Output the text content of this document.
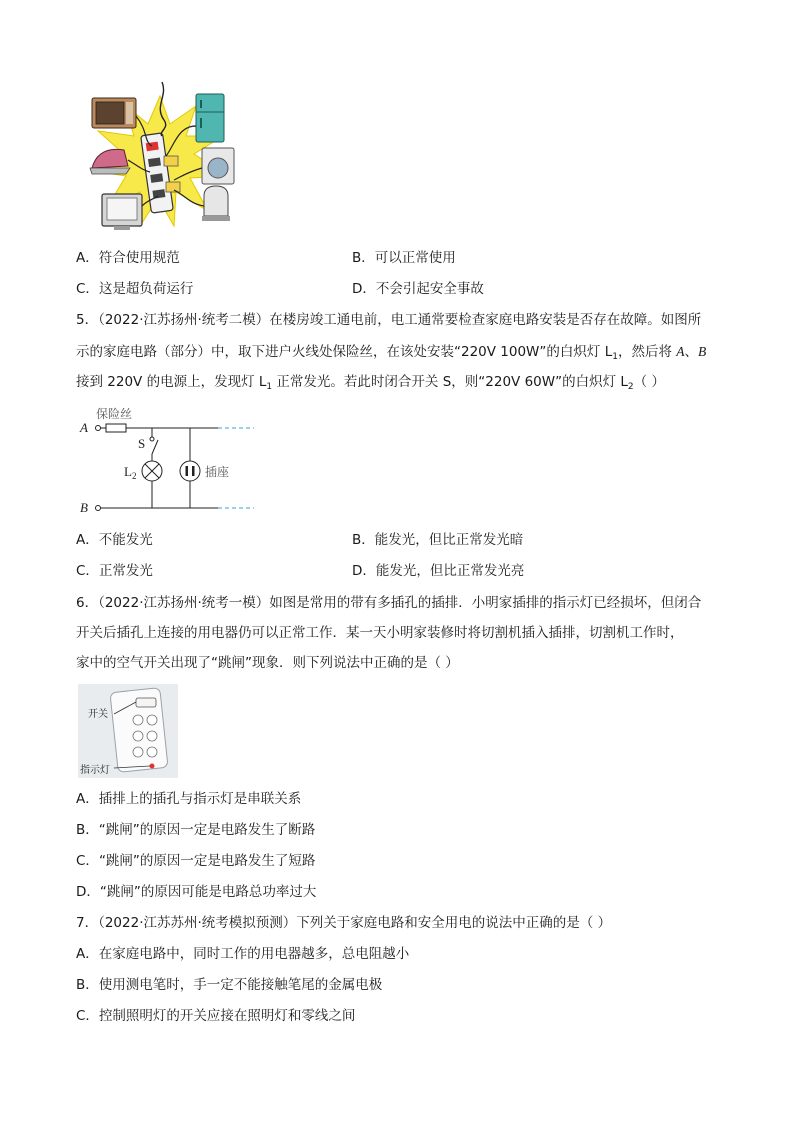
A．符合使用规范	B．可以正常使用
C．这是超负荷运行	D．不会引起安全事故
5．（2022·江苏扬州·统考二模）在楼房竣工通电前，电工通常要检查家庭电路安装是否存在故障。如图所
示的家庭电路（部分）中，取下进户火线处保险丝，在该处安装“220V 100W”的白炽灯 $L_1$，然后将 A、B
接到 220V 的电源上，发现灯 $L_1$ 正常发光。若此时闭合开关 S，则“220V 60W”的白炽灯 $L_2$（ ）
A
B
保险丝
S
$L_2$	插座
A．不能发光	B．能发光，但比正常发光暗
C．正常发光	D．能发光，但比正常发光亮
6．（2022·江苏扬州·统考一模）如图是常用的带有多插孔的插排．小明家插排的指示灯已经损坏，但闭合
开关后插孔上连接的用电器仍可以正常工作．某一天小明家装修时将切割机插入插排，切割机工作时，
家中的空气开关出现了“跳闸”现象．则下列说法中正确的是（ ）
开关
指示灯
A．插排上的插孔与指示灯是串联关系
B．“跳闸”的原因一定是电路发生了断路
C．“跳闸”的原因一定是电路发生了短路
D．“跳闸”的原因可能是电路总功率过大
7．（2022·江苏苏州·统考模拟预测）下列关于家庭电路和安全用电的说法中正确的是（ ）
A．在家庭电路中，同时工作的用电器越多，总电阻越小
B．使用测电笔时，手一定不能接触笔尾的金属电极
C．控制照明灯的开关应接在照明灯和零线之间
